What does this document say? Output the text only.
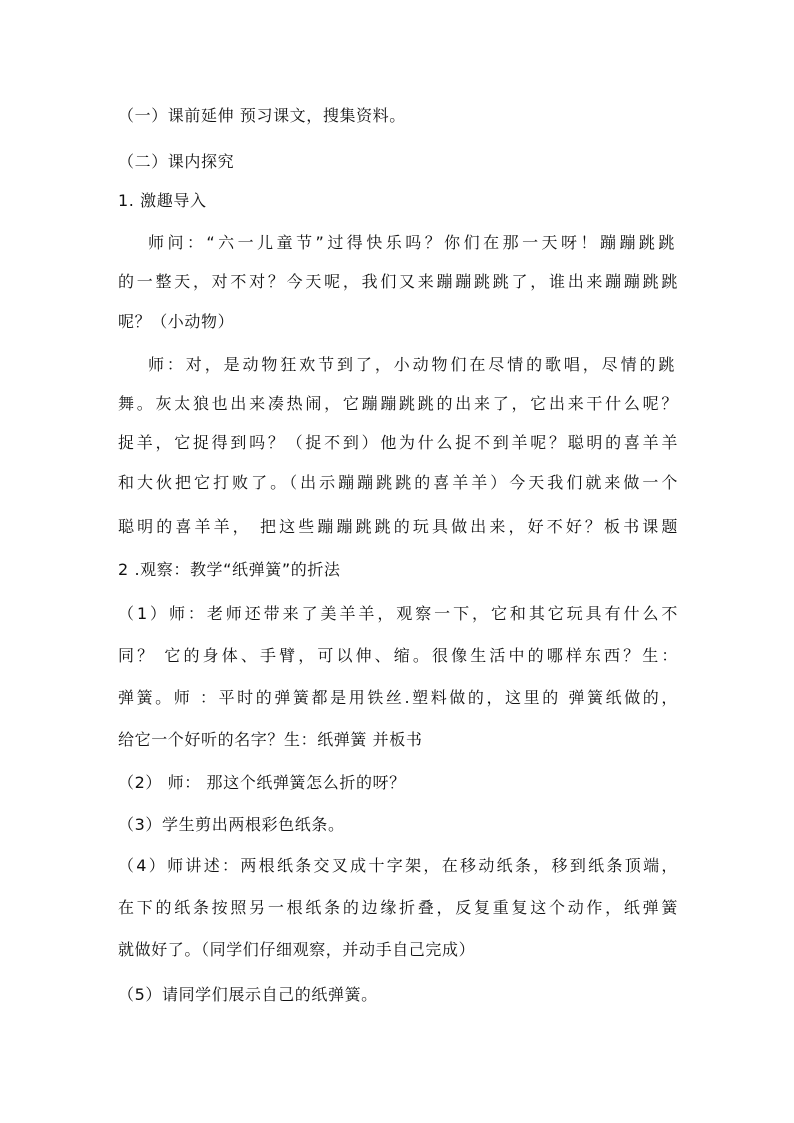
（一）课前延伸 预习课文，搜集资料。
（二）课内探究
1. 激趣导入
师问：“六一儿童节”过得快乐吗？你们在那一天呀！蹦蹦跳跳
的一整天，对不对？今天呢，我们又来蹦蹦跳跳了，谁出来蹦蹦跳跳
呢？（小动物）
师：对，是动物狂欢节到了，小动物们在尽情的歌唱，尽情的跳
舞。灰太狼也出来凑热闹，它蹦蹦跳跳的出来了，它出来干什么呢？
捉羊，它捉得到吗？（捉不到）他为什么捉不到羊呢？聪明的喜羊羊
和大伙把它打败了。（出示蹦蹦跳跳的喜羊羊）今天我们就来做一个
聪明的喜羊羊， 把这些蹦蹦跳跳的玩具做出来，好不好？板书课题
2 .观察：教学“纸弹簧”的折法
（1）师：老师还带来了美羊羊，观察一下，它和其它玩具有什么不
同？ 它的身体、手臂，可以伸、缩。很像生活中的哪样东西？生：
弹簧。师 ：平时的弹簧都是用铁丝.塑料做的，这里的 弹簧纸做的，
给它一个好听的名字？生：纸弹簧 并板书
（2） 师： 那这个纸弹簧怎么折的呀？
（3）学生剪出两根彩色纸条。
（4）师讲述：两根纸条交叉成十字架，在移动纸条，移到纸条顶端，
在下的纸条按照另一根纸条的边缘折叠，反复重复这个动作，纸弹簧
就做好了。（同学们仔细观察，并动手自己完成）
（5）请同学们展示自己的纸弹簧。
